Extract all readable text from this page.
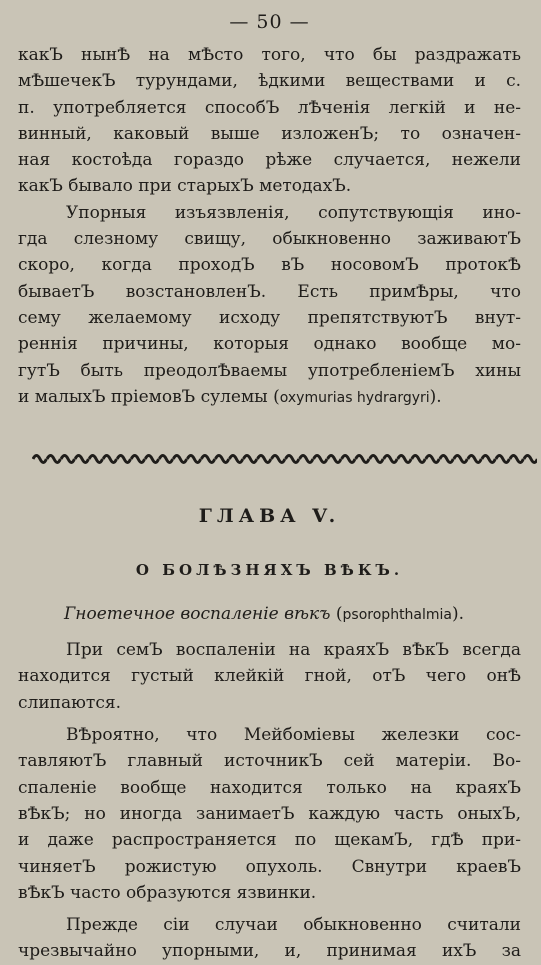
— 50 —

какЪ нынѢ на мѢсто того, что бы раздражать

мѢшечекЪ турундами, ѣдкими веществами и с.

п. употребляется способЪ лѢченія легкій и не-

винный, каковый выше изложенЪ; то означен-

ная костоѣда гораздо рѣже случается, нежели

какЪ бывало при старыхЪ методахЪ.

Упорныя изъязвленія, сопутствующія ино-

гда слезному свищу, обыкновенно заживаютЪ

скоро, когда проходЪ вЪ носовомЪ протокѢ

бываетЪ возстановленЪ. Есть примѢры, что

сему желаемому исходу препятствуютЪ внут-

реннія причины, которыя однако вообще мо-

гутЪ быть преодолѢваемы употребленіемЪ хины

и малыхЪ пріемовЪ сулемы (oxymurias hydrargyri).

ГЛАВА V.
О БОЛѢЗНЯХЪ ВѢКЪ.
Гноетечное воспаленіе вѣкъ (psorophthalmia).

При семЪ воспаленіи на краяхЪ вѢкЪ всегда

находится густый клейкій гной, отЪ чего онѢ

слипаются.

ВѢроятно, что Мейбоміевы железки сос-

тавляютЪ главный источникЪ сей матеріи. Во-

спаленіе вообще находится только на краяхЪ

вѢкЪ; но иногда занимаетЪ каждую часть оныхЪ,

и даже распространяется по щекамЪ, гдѢ при-

чиняетЪ рожистую опухоль. Свнутри краевЪ

вѢкЪ часто образуются язвинки.

Прежде сіи случаи обыкновенно считали

чрезвычайно упорными, и, принимая ихЪ за
